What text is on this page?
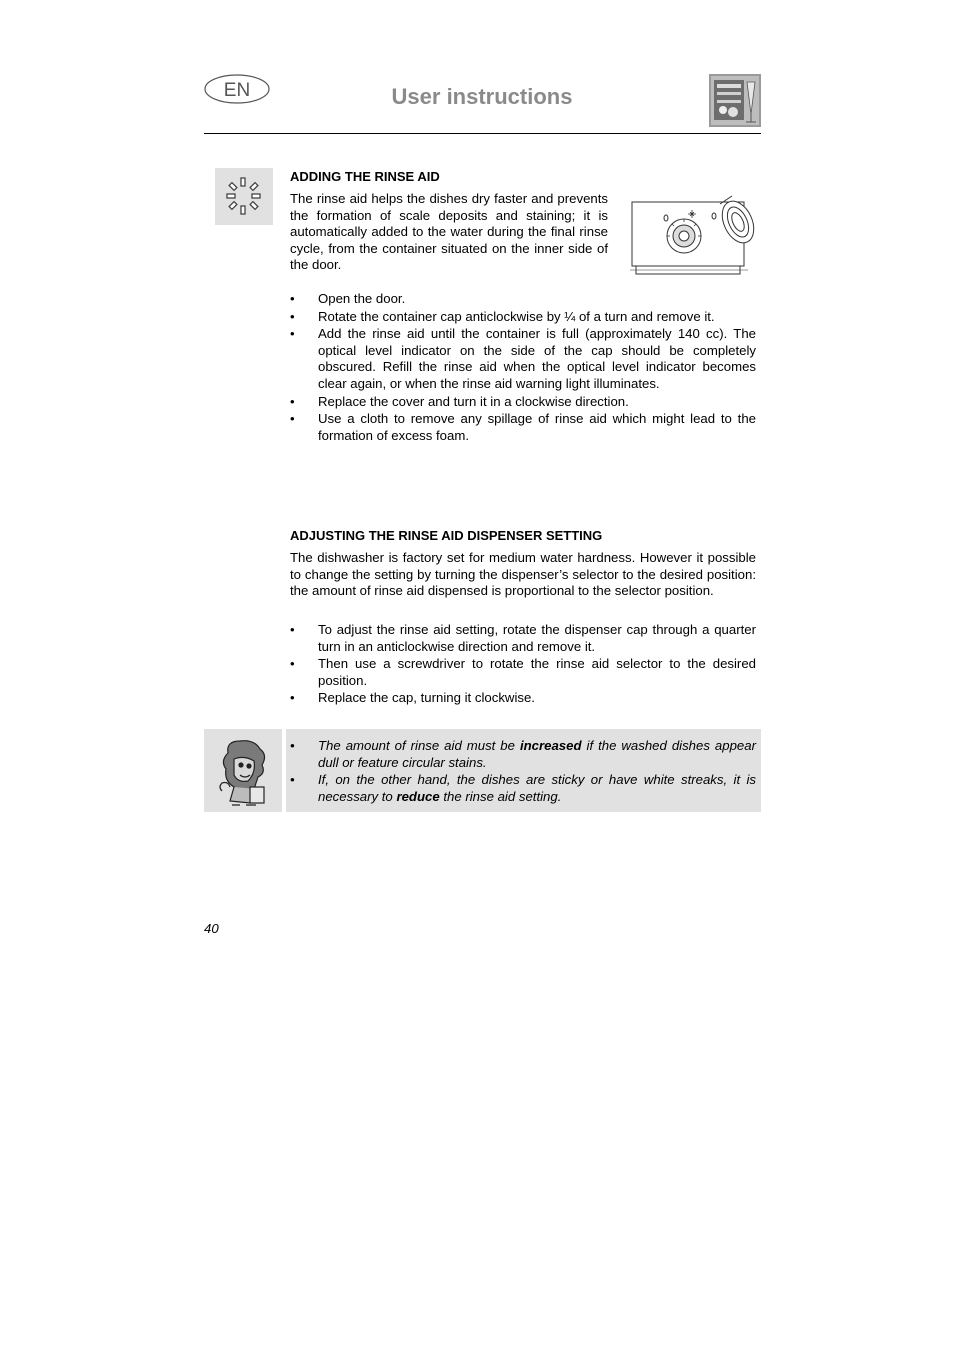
EN	User instructions
ADDING THE RINSE AID
The rinse aid helps the dishes dry faster and prevents the formation of scale deposits and staining; it is automatically added to the water during the final rinse cycle, from the container situated on the inner side of the door.
• Open the door.
• Rotate the container cap anticlockwise by ¼ of a turn and remove it.
• Add the rinse aid until the container is full (approximately 140 cc). The optical level indicator on the side of the cap should be completely obscured. Refill the rinse aid when the optical level indicator becomes clear again, or when the rinse aid warning light illuminates.
• Replace the cover and turn it in a clockwise direction.
• Use a cloth to remove any spillage of rinse aid which might lead to the formation of excess foam.
ADJUSTING THE RINSE AID DISPENSER SETTING
The dishwasher is factory set for medium water hardness. However it possible to change the setting by turning the dispenser’s selector to the desired position: the amount of rinse aid dispensed is proportional to the selector position.
• To adjust the rinse aid setting, rotate the dispenser cap through a quarter turn in an anticlockwise direction and remove it.
• Then use a screwdriver to rotate the rinse aid selector to the desired position.
• Replace the cap, turning it clockwise.
• The amount of rinse aid must be increased if the washed dishes appear dull or feature circular stains.
• If, on the other hand, the dishes are sticky or have white streaks, it is necessary to reduce the rinse aid setting.
40
